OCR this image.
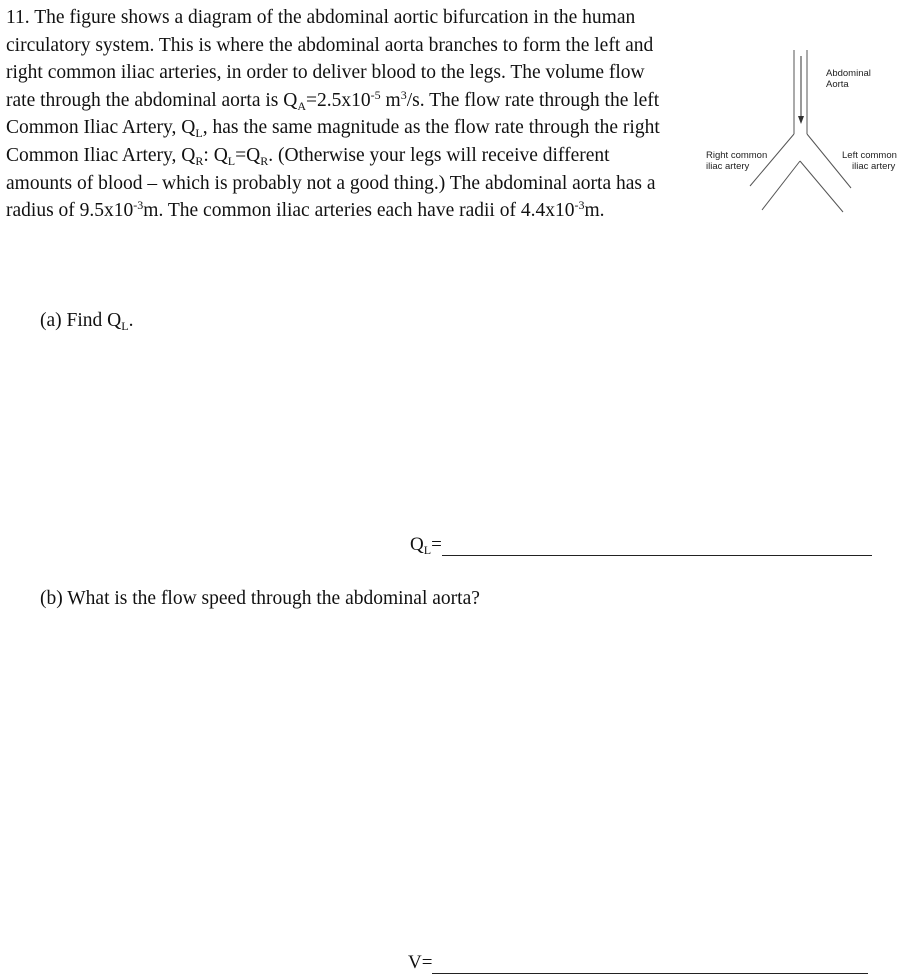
11. The figure shows a diagram of the abdominal aortic bifurcation in the human circulatory system. This is where the abdominal aorta branches to form the left and right common iliac arteries, in order to deliver blood to the legs. The volume flow rate through the abdominal aorta is $Q_A=2.5x10^{-5}$ $m^3/s$. The flow rate through the left Common Iliac Artery, $Q_L$, has the same magnitude as the flow rate through the right Common Iliac Artery, $Q_R$: $Q_L=Q_R$. (Otherwise your legs will receive different amounts of blood – which is probably not a good thing.) The abdominal aorta has a radius of $9.5x10^{-3}m$. The common iliac arteries each have radii of $4.4x10^{-3}m$.

Abdominal
Aorta
Right common
iliac artery
Left common
iliac artery
(a) Find $Q_L$.
$Q_L=$
(b) What is the flow speed through the abdominal aorta?
V=
